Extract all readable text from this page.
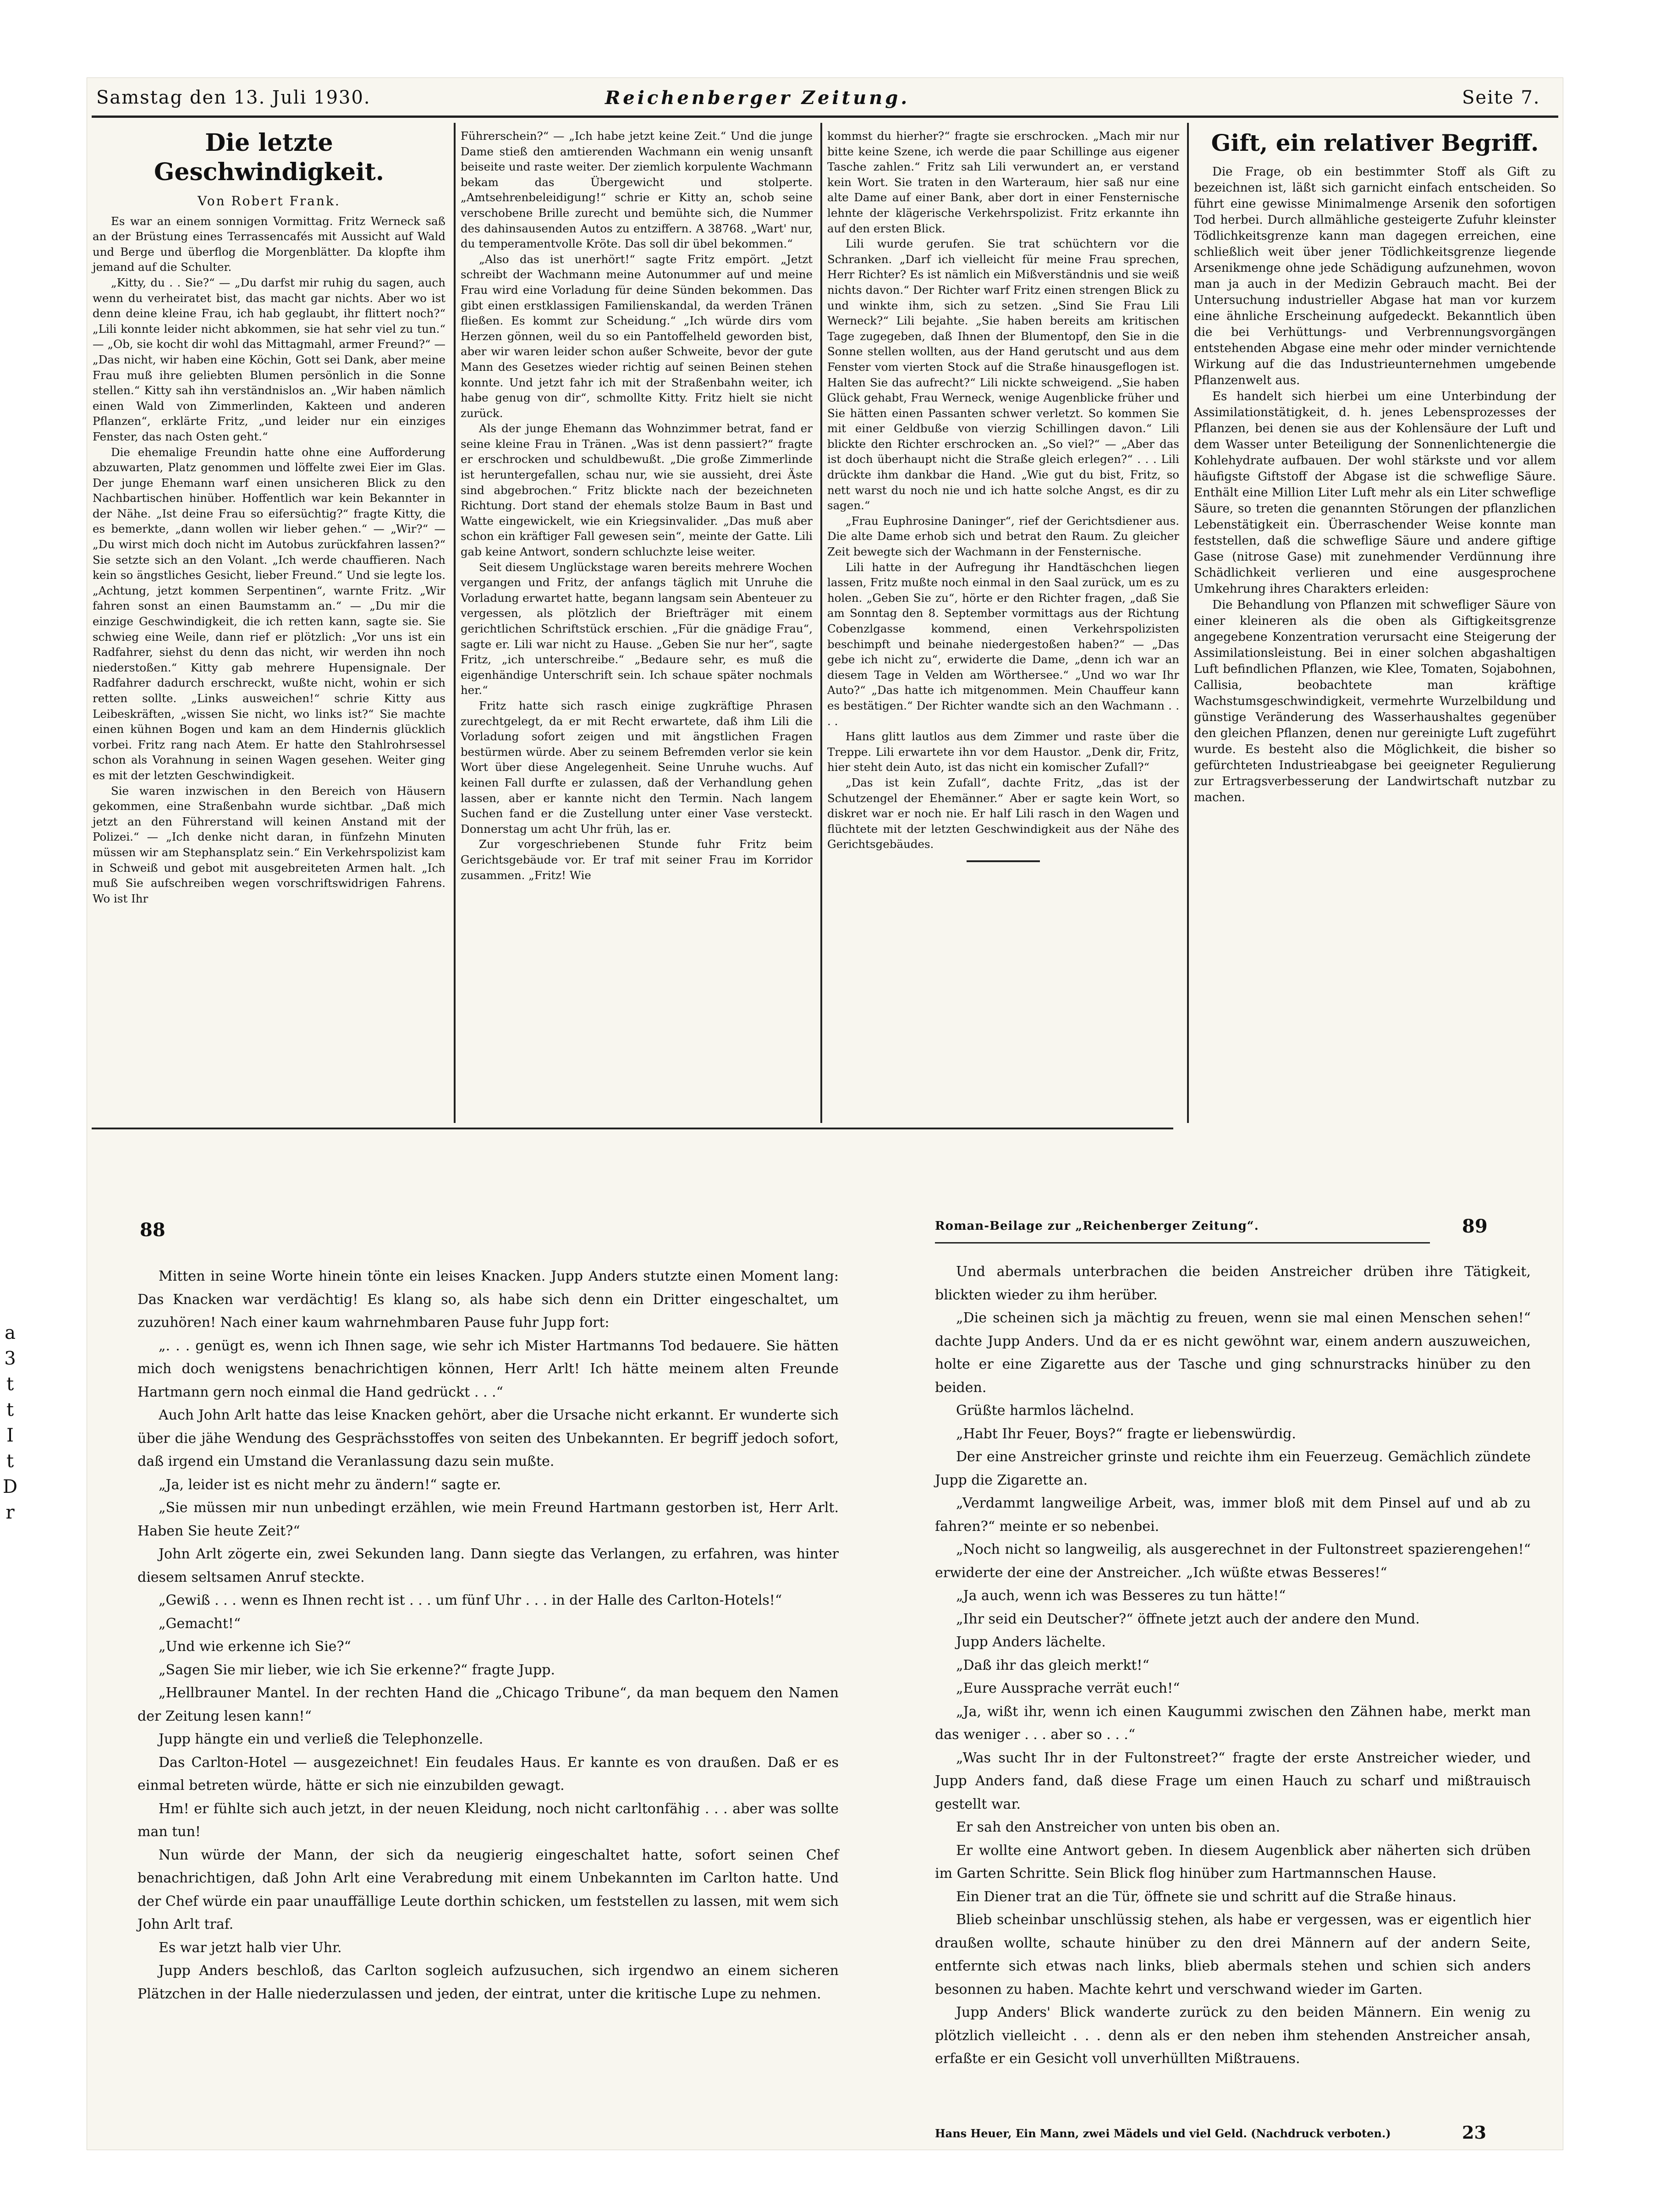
Samstag den 13. Juli 1930.	Reichenberger Zeitung.	Seite 7.
Die letzte Geschwindigkeit.
Von Robert Frank.

Es war an einem sonnigen Vormittag. Fritz Werneck saß an der Brüstung eines Terrassencafés mit Aussicht auf Wald und Berge und überflog die Morgenblätter. Da klopfte ihm jemand auf die Schulter.

„Kitty, du . . Sie?“ — „Du darfst mir ruhig du sagen, auch wenn du verheiratet bist, das macht gar nichts. Aber wo ist denn deine kleine Frau, ich hab geglaubt, ihr flittert noch?“ „Lili konnte leider nicht abkommen, sie hat sehr viel zu tun.“ — „Ob, sie kocht dir wohl das Mittagmahl, armer Freund?“ — „Das nicht, wir haben eine Köchin, Gott sei Dank, aber meine Frau muß ihre geliebten Blumen persönlich in die Sonne stellen.“ Kitty sah ihn verständnislos an. „Wir haben nämlich einen Wald von Zimmerlinden, Kakteen und anderen Pflanzen“, erklärte Fritz, „und leider nur ein einziges Fenster, das nach Osten geht.“

Die ehemalige Freundin hatte ohne eine Aufforderung abzuwarten, Platz genommen und löffelte zwei Eier im Glas. Der junge Ehemann warf einen unsicheren Blick zu den Nachbartischen hinüber. Hoffentlich war kein Bekannter in der Nähe. „Ist deine Frau so eifersüchtig?“ fragte Kitty, die es bemerkte, „dann wollen wir lieber gehen.“ — „Wir?“ — „Du wirst mich doch nicht im Autobus zurückfahren lassen?“ Sie setzte sich an den Volant. „Ich werde chauffieren. Nach kein so ängstliches Gesicht, lieber Freund.“ Und sie legte los. „Achtung, jetzt kommen Serpentinen“, warnte Fritz. „Wir fahren sonst an einen Baumstamm an.“ — „Du mir die einzige Geschwindigkeit, die ich retten kann, sagte sie. Sie schwieg eine Weile, dann rief er plötzlich: „Vor uns ist ein Radfahrer, siehst du denn das nicht, wir werden ihn noch niederstoßen.“ Kitty gab mehrere Hupensignale. Der Radfahrer dadurch erschreckt, wußte nicht, wohin er sich retten sollte. „Links ausweichen!“ schrie Kitty aus Leibeskräften, „wissen Sie nicht, wo links ist?“ Sie machte einen kühnen Bogen und kam an dem Hindernis glücklich vorbei. Fritz rang nach Atem. Er hatte den Stahlrohrsessel schon als Vorahnung in seinen Wagen gesehen. Weiter ging es mit der letzten Geschwindigkeit.

Sie waren inzwischen in den Bereich von Häusern gekommen, eine Straßenbahn wurde sichtbar. „Daß mich jetzt an den Führerstand will keinen Anstand mit der Polizei.“ — „Ich denke nicht daran, in fünfzehn Minuten müssen wir am Stephansplatz sein.“ Ein Verkehrspolizist kam in Schweiß und gebot mit ausgebreiteten Armen halt. „Ich muß Sie aufschreiben wegen vorschriftswidrigen Fahrens. Wo ist Ihr

Führerschein?“ — „Ich habe jetzt keine Zeit.“ Und die junge Dame stieß den amtierenden Wachmann ein wenig unsanft beiseite und raste weiter. Der ziemlich korpulente Wachmann bekam das Übergewicht und stolperte. „Amtsehrenbeleidigung!“ schrie er Kitty an, schob seine verschobene Brille zurecht und bemühte sich, die Nummer des dahinsausenden Autos zu entziffern. A 38768. „Wart' nur, du temperamentvolle Kröte. Das soll dir übel bekommen.“

„Also das ist unerhört!“ sagte Fritz empört. „Jetzt schreibt der Wachmann meine Autonummer auf und meine Frau wird eine Vorladung für deine Sünden bekommen. Das gibt einen erstklassigen Familienskandal, da werden Tränen fließen. Es kommt zur Scheidung.“ „Ich würde dirs vom Herzen gönnen, weil du so ein Pantoffelheld geworden bist, aber wir waren leider schon außer Schweite, bevor der gute Mann des Gesetzes wieder richtig auf seinen Beinen stehen konnte. Und jetzt fahr ich mit der Straßenbahn weiter, ich habe genug von dir“, schmollte Kitty. Fritz hielt sie nicht zurück.

Als der junge Ehemann das Wohnzimmer betrat, fand er seine kleine Frau in Tränen. „Was ist denn passiert?“ fragte er erschrocken und schuldbewußt. „Die große Zimmerlinde ist heruntergefallen, schau nur, wie sie aussieht, drei Äste sind abgebrochen.“ Fritz blickte nach der bezeichneten Richtung. Dort stand der ehemals stolze Baum in Bast und Watte eingewickelt, wie ein Kriegsinvalider. „Das muß aber schon ein kräftiger Fall gewesen sein“, meinte der Gatte. Lili gab keine Antwort, sondern schluchzte leise weiter.

Seit diesem Unglückstage waren bereits mehrere Wochen vergangen und Fritz, der anfangs täglich mit Unruhe die Vorladung erwartet hatte, begann langsam sein Abenteuer zu vergessen, als plötzlich der Briefträger mit einem gerichtlichen Schriftstück erschien. „Für die gnädige Frau“, sagte er. Lili war nicht zu Hause. „Geben Sie nur her“, sagte Fritz, „ich unterschreibe.“ „Bedaure sehr, es muß die eigenhändige Unterschrift sein. Ich schaue später nochmals her.“

Fritz hatte sich rasch einige zugkräftige Phrasen zurechtgelegt, da er mit Recht erwartete, daß ihm Lili die Vorladung sofort zeigen und mit ängstlichen Fragen bestürmen würde. Aber zu seinem Befremden verlor sie kein Wort über diese Angelegenheit. Seine Unruhe wuchs. Auf keinen Fall durfte er zulassen, daß der Verhandlung gehen lassen, aber er kannte nicht den Termin. Nach langem Suchen fand er die Zustellung unter einer Vase versteckt. Donnerstag um acht Uhr früh, las er.

Zur vorgeschriebenen Stunde fuhr Fritz beim Gerichtsgebäude vor. Er traf mit seiner Frau im Korridor zusammen. „Fritz! Wie

kommst du hierher?“ fragte sie erschrocken. „Mach mir nur bitte keine Szene, ich werde die paar Schillinge aus eigener Tasche zahlen.“ Fritz sah Lili verwundert an, er verstand kein Wort. Sie traten in den Warteraum, hier saß nur eine alte Dame auf einer Bank, aber dort in einer Fensternische lehnte der klägerische Verkehrspolizist. Fritz erkannte ihn auf den ersten Blick.

Lili wurde gerufen. Sie trat schüchtern vor die Schranken. „Darf ich vielleicht für meine Frau sprechen, Herr Richter? Es ist nämlich ein Mißverständnis und sie weiß nichts davon.“ Der Richter warf Fritz einen strengen Blick zu und winkte ihm, sich zu setzen. „Sind Sie Frau Lili Werneck?“ Lili bejahte. „Sie haben bereits am kritischen Tage zugegeben, daß Ihnen der Blumentopf, den Sie in die Sonne stellen wollten, aus der Hand gerutscht und aus dem Fenster vom vierten Stock auf die Straße hinausgeflogen ist. Halten Sie das aufrecht?“ Lili nickte schweigend. „Sie haben Glück gehabt, Frau Werneck, wenige Augenblicke früher und Sie hätten einen Passanten schwer verletzt. So kommen Sie mit einer Geldbuße von vierzig Schillingen davon.“ Lili blickte den Richter erschrocken an. „So viel?“ — „Aber das ist doch überhaupt nicht die Straße gleich erlegen?“ . . . Lili drückte ihm dankbar die Hand. „Wie gut du bist, Fritz, so nett warst du noch nie und ich hatte solche Angst, es dir zu sagen.“

„Frau Euphrosine Daninger“, rief der Gerichtsdiener aus. Die alte Dame erhob sich und betrat den Raum. Zu gleicher Zeit bewegte sich der Wachmann in der Fensternische.

Lili hatte in der Aufregung ihr Handtäschchen liegen lassen, Fritz mußte noch einmal in den Saal zurück, um es zu holen. „Geben Sie zu“, hörte er den Richter fragen, „daß Sie am Sonntag den 8. September vormittags aus der Richtung Cobenzlgasse kommend, einen Verkehrspolizisten beschimpft und beinahe niedergestoßen haben?“ — „Das gebe ich nicht zu“, erwiderte die Dame, „denn ich war an diesem Tage in Velden am Wörthersee.“ „Und wo war Ihr Auto?“ „Das hatte ich mitgenommen. Mein Chauffeur kann es bestätigen.“ Der Richter wandte sich an den Wachmann . . . .

Hans glitt lautlos aus dem Zimmer und raste über die Treppe. Lili erwartete ihn vor dem Haustor. „Denk dir, Fritz, hier steht dein Auto, ist das nicht ein komischer Zufall?“

„Das ist kein Zufall“, dachte Fritz, „das ist der Schutzengel der Ehemänner.“ Aber er sagte kein Wort, so diskret war er noch nie. Er half Lili rasch in den Wagen und flüchtete mit der letzten Geschwindigkeit aus der Nähe des Gerichtsgebäudes.

Gift, ein relativer Begriff.

Die Frage, ob ein bestimmter Stoff als Gift zu bezeichnen ist, läßt sich garnicht einfach entscheiden. So führt eine gewisse Minimalmenge Arsenik den sofortigen Tod herbei. Durch allmähliche gesteigerte Zufuhr kleinster Tödlichkeitsgrenze kann man dagegen erreichen, eine schließlich weit über jener Tödlichkeitsgrenze liegende Arsenikmenge ohne jede Schädigung aufzunehmen, wovon man ja auch in der Medizin Gebrauch macht. Bei der Untersuchung industrieller Abgase hat man vor kurzem eine ähnliche Erscheinung aufgedeckt. Bekanntlich üben die bei Verhüttungs- und Verbrennungsvorgängen entstehenden Abgase eine mehr oder minder vernichtende Wirkung auf die das Industrieunternehmen umgebende Pflanzenwelt aus.

Es handelt sich hierbei um eine Unterbindung der Assimilationstätigkeit, d. h. jenes Lebensprozesses der Pflanzen, bei denen sie aus der Kohlensäure der Luft und dem Wasser unter Beteiligung der Sonnenlichtenergie die Kohlehydrate aufbauen. Der wohl stärkste und vor allem häufigste Giftstoff der Abgase ist die schweflige Säure. Enthält eine Million Liter Luft mehr als ein Liter schweflige Säure, so treten die genannten Störungen der pflanzlichen Lebenstätigkeit ein. Überraschender Weise konnte man feststellen, daß die schweflige Säure und andere giftige Gase (nitrose Gase) mit zunehmender Verdünnung ihre Schädlichkeit verlieren und eine ausgesprochene Umkehrung ihres Charakters erleiden:

Die Behandlung von Pflanzen mit schwefliger Säure von einer kleineren als die oben als Giftigkeitsgrenze angegebene Konzentration verursacht eine Steigerung der Assimilationsleistung. Bei in einer solchen abgashaltigen Luft befindlichen Pflanzen, wie Klee, Tomaten, Sojabohnen, Callisia, beobachtete man kräftige Wachstumsgeschwindigkeit, vermehrte Wurzelbildung und günstige Veränderung des Wasserhaushaltes gegenüber den gleichen Pflanzen, denen nur gereinigte Luft zugeführt wurde. Es besteht also die Möglichkeit, die bisher so gefürchteten Industrieabgase bei geeigneter Regulierung zur Ertragsverbesserung der Landwirtschaft nutzbar zu machen.

88	Roman-Beilage zur „Reichenberger Zeitung“.	89

Mitten in seine Worte hinein tönte ein leises Knacken. Jupp Anders stutzte einen Moment lang: Das Knacken war verdächtig! Es klang so, als habe sich denn ein Dritter eingeschaltet, um zuzuhören! Nach einer kaum wahrnehmbaren Pause fuhr Jupp fort:

„. . . genügt es, wenn ich Ihnen sage, wie sehr ich Mister Hartmanns Tod bedauere. Sie hätten mich doch wenigstens benachrichtigen können, Herr Arlt! Ich hätte meinem alten Freunde Hartmann gern noch einmal die Hand gedrückt . . .“

Auch John Arlt hatte das leise Knacken gehört, aber die Ursache nicht erkannt. Er wunderte sich über die jähe Wendung des Gesprächsstoffes von seiten des Unbekannten. Er begriff jedoch sofort, daß irgend ein Umstand die Veranlassung dazu sein mußte.

„Ja, leider ist es nicht mehr zu ändern!“ sagte er.

„Sie müssen mir nun unbedingt erzählen, wie mein Freund Hartmann gestorben ist, Herr Arlt. Haben Sie heute Zeit?“

John Arlt zögerte ein, zwei Sekunden lang. Dann siegte das Verlangen, zu erfahren, was hinter diesem seltsamen Anruf steckte.

„Gewiß . . . wenn es Ihnen recht ist . . . um fünf Uhr . . . in der Halle des Carlton-Hotels!“

„Gemacht!“

„Und wie erkenne ich Sie?“

„Sagen Sie mir lieber, wie ich Sie erkenne?“ fragte Jupp.

„Hellbrauner Mantel. In der rechten Hand die „Chicago Tribune“, da man bequem den Namen der Zeitung lesen kann!“

Jupp hängte ein und verließ die Telephonzelle.

Das Carlton-Hotel — ausgezeichnet! Ein feudales Haus. Er kannte es von draußen. Daß er es einmal betreten würde, hätte er sich nie einzubilden gewagt.

Hm! er fühlte sich auch jetzt, in der neuen Kleidung, noch nicht carltonfähig . . . aber was sollte man tun!

Nun würde der Mann, der sich da neugierig eingeschaltet hatte, sofort seinen Chef benachrichtigen, daß John Arlt eine Verabredung mit einem Unbekannten im Carlton hatte. Und der Chef würde ein paar unauffällige Leute dorthin schicken, um feststellen zu lassen, mit wem sich John Arlt traf.

Es war jetzt halb vier Uhr.

Jupp Anders beschloß, das Carlton sogleich aufzusuchen, sich irgendwo an einem sicheren Plätzchen in der Halle niederzulassen und jeden, der eintrat, unter die kritische Lupe zu nehmen.

Und abermals unterbrachen die beiden Anstreicher drüben ihre Tätigkeit, blickten wieder zu ihm herüber.

„Die scheinen sich ja mächtig zu freuen, wenn sie mal einen Menschen sehen!“ dachte Jupp Anders. Und da er es nicht gewöhnt war, einem andern auszuweichen, holte er eine Zigarette aus der Tasche und ging schnurstracks hinüber zu den beiden.

Grüßte harmlos lächelnd.

„Habt Ihr Feuer, Boys?“ fragte er liebenswürdig.

Der eine Anstreicher grinste und reichte ihm ein Feuerzeug. Gemächlich zündete Jupp die Zigarette an.

„Verdammt langweilige Arbeit, was, immer bloß mit dem Pinsel auf und ab zu fahren?“ meinte er so nebenbei.

„Noch nicht so langweilig, als ausgerechnet in der Fultonstreet spazierengehen!“ erwiderte der eine der Anstreicher. „Ich wüßte etwas Besseres!“

„Ja auch, wenn ich was Besseres zu tun hätte!“

„Ihr seid ein Deutscher?“ öffnete jetzt auch der andere den Mund.

Jupp Anders lächelte.

„Daß ihr das gleich merkt!“

„Eure Aussprache verrät euch!“

„Ja, wißt ihr, wenn ich einen Kaugummi zwischen den Zähnen habe, merkt man das weniger . . . aber so . . .“

„Was sucht Ihr in der Fultonstreet?“ fragte der erste Anstreicher wieder, und Jupp Anders fand, daß diese Frage um einen Hauch zu scharf und mißtrauisch gestellt war.

Er sah den Anstreicher von unten bis oben an.

Er wollte eine Antwort geben. In diesem Augenblick aber näherten sich drüben im Garten Schritte. Sein Blick flog hinüber zum Hartmannschen Hause.

Ein Diener trat an die Tür, öffnete sie und schritt auf die Straße hinaus.

Blieb scheinbar unschlüssig stehen, als habe er vergessen, was er eigentlich hier draußen wollte, schaute hinüber zu den drei Männern auf der andern Seite, entfernte sich etwas nach links, blieb abermals stehen und schien sich anders besonnen zu haben. Machte kehrt und verschwand wieder im Garten.

Jupp Anders' Blick wanderte zurück zu den beiden Männern. Ein wenig zu plötzlich vielleicht . . . denn als er den neben ihm stehenden Anstreicher ansah, erfaßte er ein Gesicht voll unverhüllten Mißtrauens.

Hans Heuer, Ein Mann, zwei Mädels und viel Geld. (Nachdruck verboten.)	23
a
3
t
t
I
t
D
r
